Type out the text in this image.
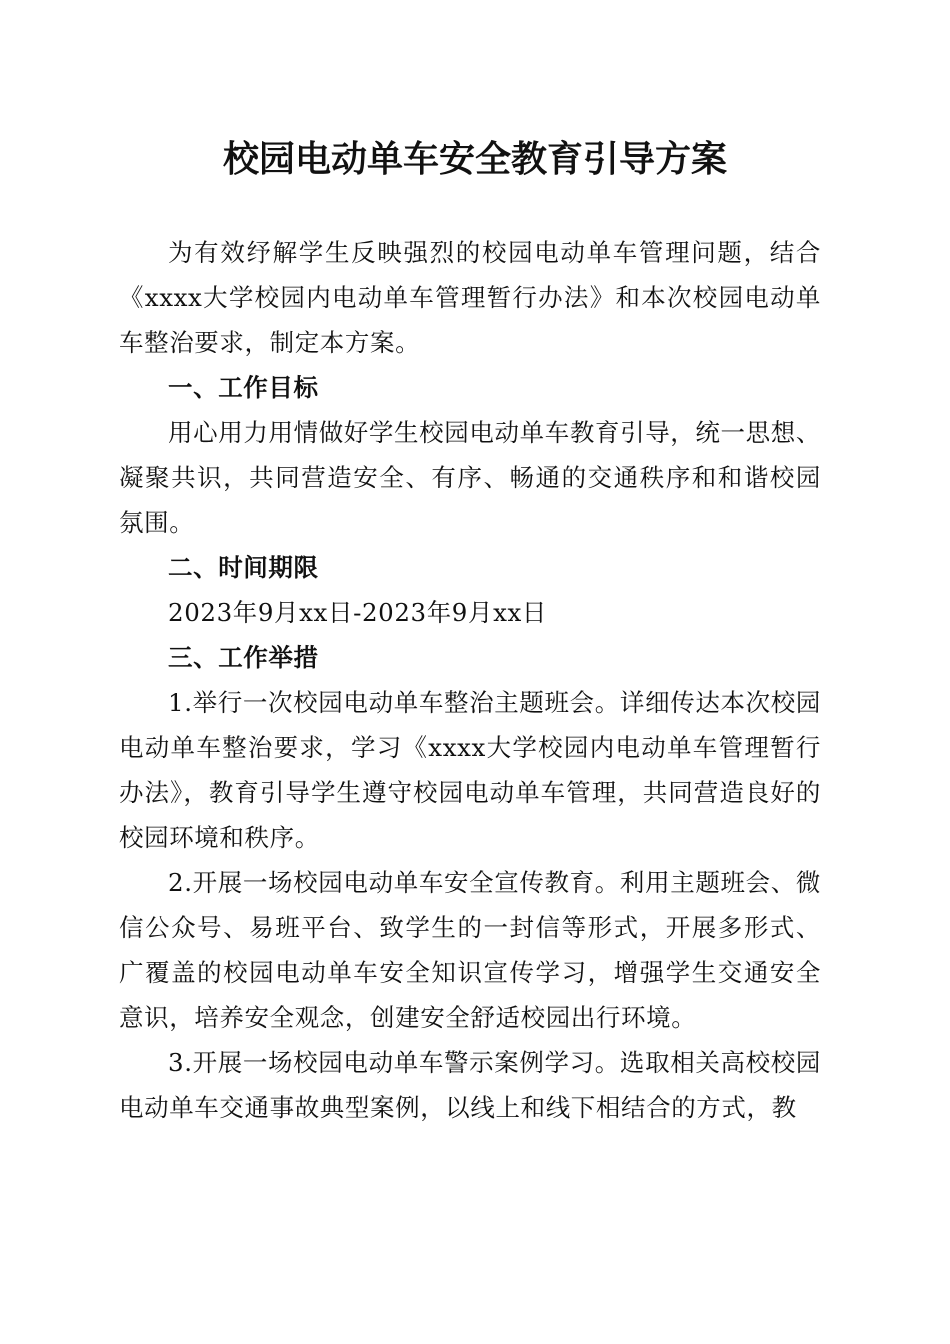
校园电动单车安全教育引导方案

为有效纾解学生反映强烈的校园电动单车管理问题，结合《xxxx大学校园内电动单车管理暂行办法》和本次校园电动单车整治要求，制定本方案。

一、工作目标

用心用力用情做好学生校园电动单车教育引导，统一思想、凝聚共识，共同营造安全、有序、畅通的交通秩序和和谐校园氛围。

二、时间期限

2023年9月xx日-2023年9月xx日

三、工作举措

1.举行一次校园电动单车整治主题班会。详细传达本次校园电动单车整治要求，学习《xxxx大学校园内电动单车管理暂行办法》，教育引导学生遵守校园电动单车管理，共同营造良好的校园环境和秩序。

2.开展一场校园电动单车安全宣传教育。利用主题班会、微信公众号、易班平台、致学生的一封信等形式，开展多形式、广覆盖的校园电动单车安全知识宣传学习，增强学生交通安全意识，培养安全观念，创建安全舒适校园出行环境。

3.开展一场校园电动单车警示案例学习。选取相关高校校园电动单车交通事故典型案例，以线上和线下相结合的方式，教
